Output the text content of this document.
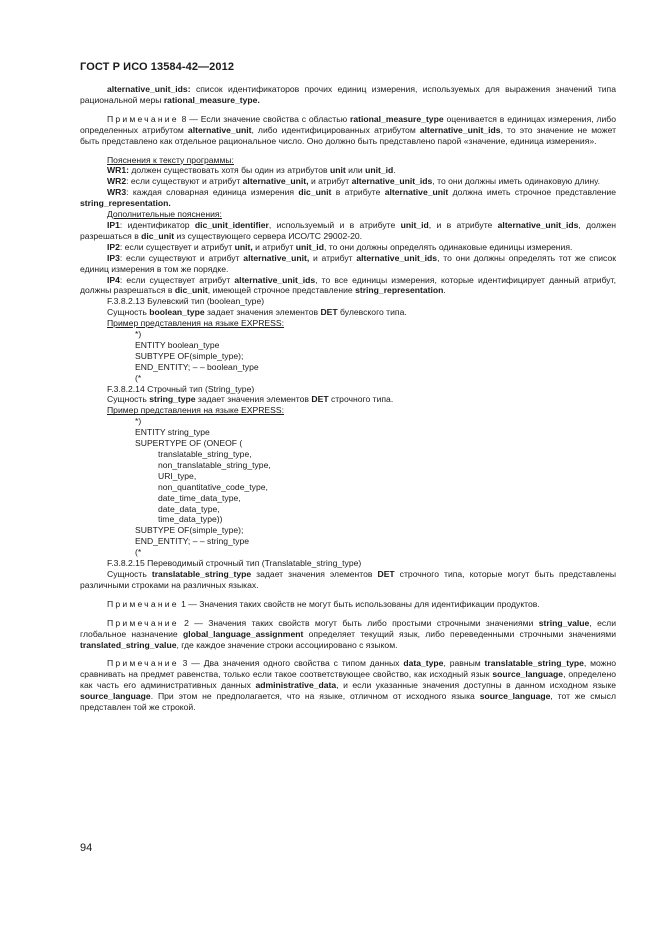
ГОСТ Р ИСО 13584-42—2012

alternative_unit_ids: список идентификаторов прочих единиц измерения, используемых для выражения значений типа рациональной меры rational_measure_type.

Примечание 8 — Если значение свойства с областью rational_measure_type оценивается в единицах измерения, либо определенных атрибутом alternative_unit, либо идентифицированных атрибутом alternative_unit_ids, то это значение не может быть представлено как отдельное рациональное число. Оно должно быть представлено парой «значение, единица измерения».

Пояснения к тексту программы:

WR1: должен существовать хотя бы один из атрибутов unit или unit_id.

WR2: если существуют и атрибут alternative_unit, и атрибут alternative_unit_ids, то они должны иметь одинаковую длину.

WR3: каждая словарная единица измерения dic_unit в атрибуте alternative_unit должна иметь строчное представление string_representation.

Дополнительные пояснения:

IP1: идентификатор dic_unit_identifier, используемый и в атрибуте unit_id, и в атрибуте alternative_unit_ids, должен разрешаться в dic_unit из существующего сервера ИСО/ТС 29002-20.

IP2: если существует и атрибут unit, и атрибут unit_id, то они должны определять одинаковые единицы измерения.

IP3: если существуют и атрибут alternative_unit, и атрибут alternative_unit_ids, то они должны определять тот же список единиц измерения в том же порядке.

IP4: если существует атрибут alternative_unit_ids, то все единицы измерения, которые идентифицирует данный атрибут, должны разрешаться в dic_unit, имеющей строчное представление string_representation.

F.3.8.2.13 Булевский тип (boolean_type)

Сущность boolean_type задает значения элементов DET булевского типа.

Пример представления на языке EXPRESS:

*)

ENTITY boolean_type

SUBTYPE OF(simple_type);

END_ENTITY; – – boolean_type

(*

F.3.8.2.14 Строчный тип (String_type)

Сущность string_type задает значения элементов DET строчного типа.

Пример представления на языке EXPRESS:

*)

ENTITY string_type

SUPERTYPE OF (ONEOF (

translatable_string_type,

non_translatable_string_type,

URI_type,

non_quantitative_code_type,

date_time_data_type,

date_data_type,

time_data_type))

SUBTYPE OF(simple_type);

END_ENTITY; – – string_type

(*

F.3.8.2.15 Переводимый строчный тип (Translatable_string_type)

Сущность translatable_string_type задает значения элементов DET строчного типа, которые могут быть представлены различными строками на различных языках.

Примечание 1 — Значения таких свойств не могут быть использованы для идентификации продуктов.

Примечание 2 — Значения таких свойств могут быть либо простыми строчными значениями string_value, если глобальное назначение global_language_assignment определяет текущий язык, либо переведенными строчными значениями translated_string_value, где каждое значение строки ассоциировано с языком.

Примечание 3 — Два значения одного свойства с типом данных data_type, равным translatable_string_type, можно сравнивать на предмет равенства, только если такое соответствующее свойство, как исходный язык source_language, определено как часть его административных данных administrative_data, и если указанные значения доступны в данном исходном языке source_language. При этом не предполагается, что на языке, отличном от исходного языка source_language, тот же смысл представлен той же строкой.

94
